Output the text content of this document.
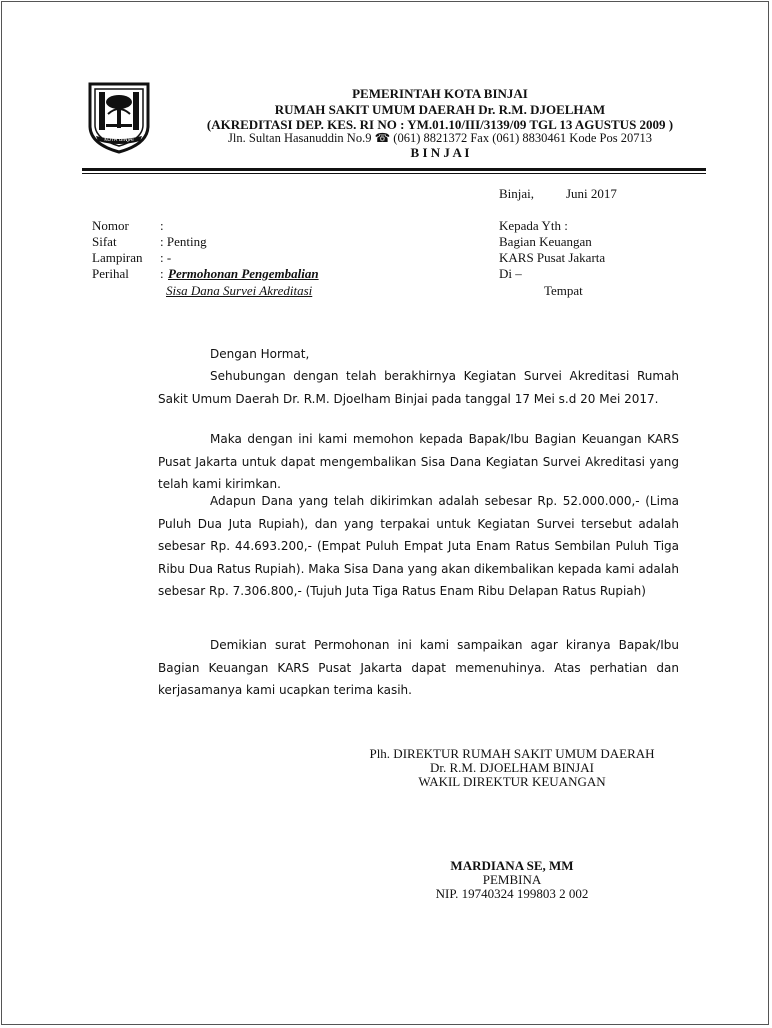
KOTA BINJAI
PEMERINTAH KOTA BINJAI
RUMAH SAKIT UMUM DAERAH Dr. R.M. DJOELHAM
(AKREDITASI DEP. KES. RI NO : YM.01.10/III/3139/09 TGL 13 AGUSTUS 2009 )
Jln. Sultan Hasanuddin No.9 ☎ (061) 8821372 Fax (061) 8830461 Kode Pos 20713
B I N J A I
Binjai, Juni 2017
Nomor :
Sifat	: Penting
Lampiran : -
Perihal : Permohonan Pengembalian
Sisa Dana Survei Akreditasi
Kepada Yth :
Bagian Keuangan
KARS Pusat Jakarta
Di –
Tempat
Dengan Hormat,
Sehubungan dengan telah berakhirnya Kegiatan Survei Akreditasi Rumah Sakit Umum Daerah Dr. R.M. Djoelham Binjai pada tanggal 17 Mei s.d 20 Mei 2017.
Maka dengan ini kami memohon kepada Bapak/Ibu Bagian Keuangan KARS Pusat Jakarta untuk dapat mengembalikan Sisa Dana Kegiatan Survei Akreditasi yang telah kami kirimkan.
Adapun Dana yang telah dikirimkan adalah sebesar Rp. 52.000.000,- (Lima Puluh Dua Juta Rupiah), dan yang terpakai untuk Kegiatan Survei tersebut adalah sebesar Rp. 44.693.200,- (Empat Puluh Empat Juta Enam Ratus Sembilan Puluh Tiga Ribu Dua Ratus Rupiah). Maka Sisa Dana yang akan dikembalikan kepada kami adalah sebesar Rp. 7.306.800,- (Tujuh Juta Tiga Ratus Enam Ribu Delapan Ratus Rupiah)
Demikian surat Permohonan ini kami sampaikan agar kiranya Bapak/Ibu Bagian Keuangan KARS Pusat Jakarta dapat memenuhinya. Atas perhatian dan kerjasamanya kami ucapkan terima kasih.
Plh. DIREKTUR RUMAH SAKIT UMUM DAERAH
Dr. R.M. DJOELHAM BINJAI
WAKIL DIREKTUR KEUANGAN
MARDIANA SE, MM
PEMBINA
NIP. 19740324 199803 2 002
